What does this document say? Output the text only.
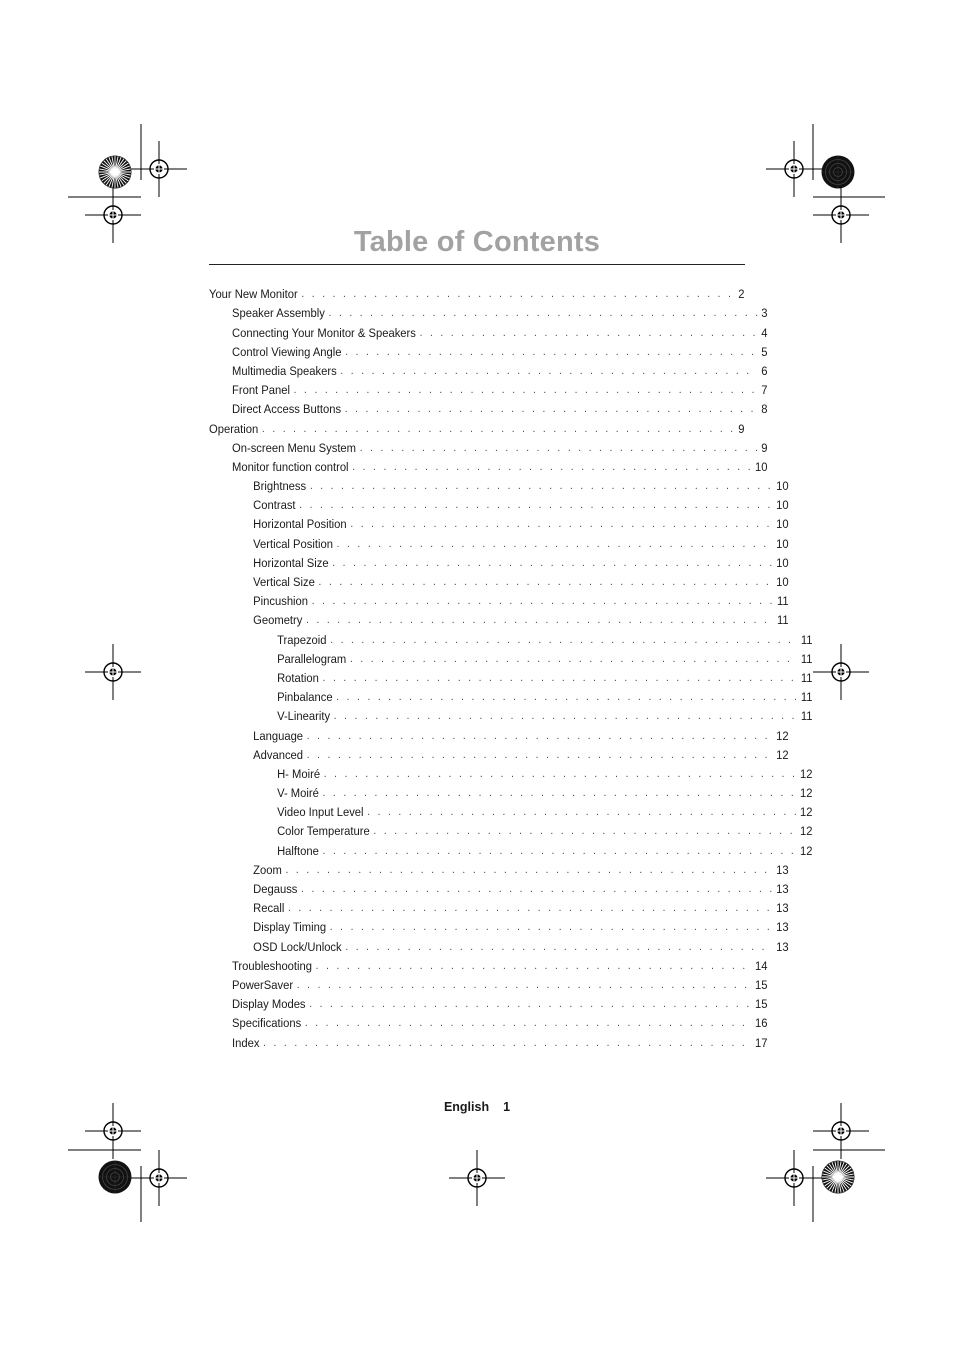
Table of Contents
Your New Monitor . . .	2
Speaker Assembly . . .	3
Connecting Your Monitor & Speakers . . .	4
Control Viewing Angle . . .	5
Multimedia Speakers . . .	6
Front Panel . . .	7
Direct Access Buttons . . .	8
Operation . . .	9
On-screen Menu System . . .	9
Monitor function control . . .	10
Brightness . . .	10
Contrast . . .	10
Horizontal Position . . .	10
Vertical Position . . .	10
Horizontal Size . . .	10
Vertical Size . . .	10
Pincushion . . .	11
Geometry . . .	11
Trapezoid . . .	11
Parallelogram . . .	11
Rotation . . .	11
Pinbalance . . .	11
V-Linearity . . .	11
Language . . .	12
Advanced . . .	12
H- Moiré . . .	12
V- Moiré . . .	12
Video Input Level . . .	12
Color Temperature . . .	12
Halftone . . .	12
Zoom . . .	13
Degauss . . .	13
Recall . . .	13
Display Timing . . .	13
OSD Lock/Unlock . . .	13
Troubleshooting . . .	14
PowerSaver . . .	15
Display Modes . . .	15
Specifications . . .	16
Index . . .	17
English 1
